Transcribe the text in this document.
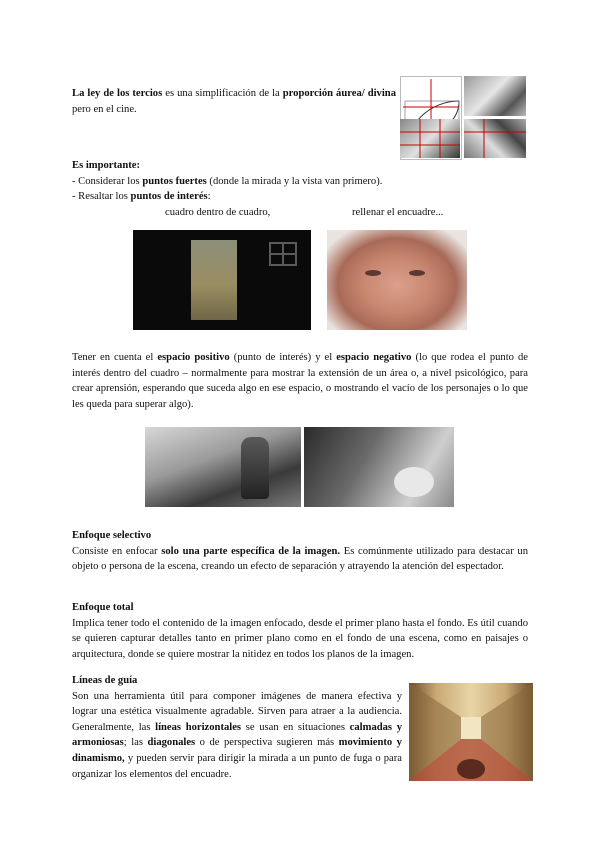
La ley de los tercios es una simplificación de la proporción áurea/ divina pero en el cine.
Es importante:
- Considerar los puntos fuertes (donde la mirada y la vista van primero).
- Resaltar los puntos de interés:
cuadro dentro de cuadro,	rellenar el encuadre...
Tener en cuenta el espacio positivo (punto de interés) y el espacio negativo (lo que rodea el punto de interés dentro del cuadro – normalmente para mostrar la extensión de un área o, a nivel psicológico, para crear aprensión, esperando que suceda algo en ese espacio, o mostrando el vacío de los personajes o lo que les queda para superar algo).
Enfoque selectivo
Consiste en enfocar solo una parte específica de la imagen. Es comúnmente utilizado para destacar un objeto o persona de la escena, creando un efecto de separación y atrayendo la atención del espectador.
Enfoque total
Implica tener todo el contenido de la imagen enfocado, desde el primer plano hasta el fondo. Es útil cuando se quieren capturar detalles tanto en primer plano como en el fondo de una escena, como en paisajes o arquitectura, donde se quiere mostrar la nitidez en todos los planos de la imagen.
Líneas de guía
Son una herramienta útil para componer imágenes de manera efectiva y lograr una estética visualmente agradable. Sirven para atraer a la audiencia. Generalmente, las líneas horizontales se usan en situaciones calmadas y armoniosas; las diagonales o de perspectiva sugieren más movimiento y dinamismo, y pueden servir para dirigir la mirada a un punto de fuga o para organizar los elementos del encuadre.
